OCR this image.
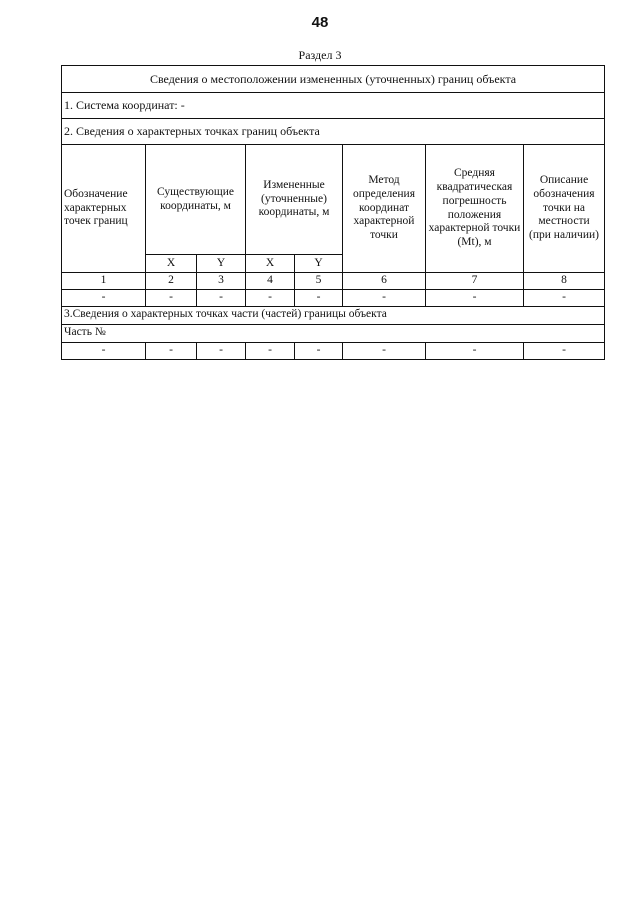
48
Раздел 3
Сведения о местоположении измененных (уточненных) границ объекта							
1. Система координат: -							
2. Сведения о характерных точках границ объекта							
Обозначение характерных точек границ	Существующие координаты, м		Измененные (уточненные) координаты, м		Метод определения координат характерной точки	Средняя квадратическая погрешность положения характерной точки (Mt), м	Описание обозначения точки на местности (при наличии)
	X	Y	X	Y			
1	2	3	4	5	6	7	8
-	-	-	-	-	-	-	-
3.Сведения о характерных точках части (частей) границы объекта							
Часть №							
-	-	-	-	-	-	-	-
